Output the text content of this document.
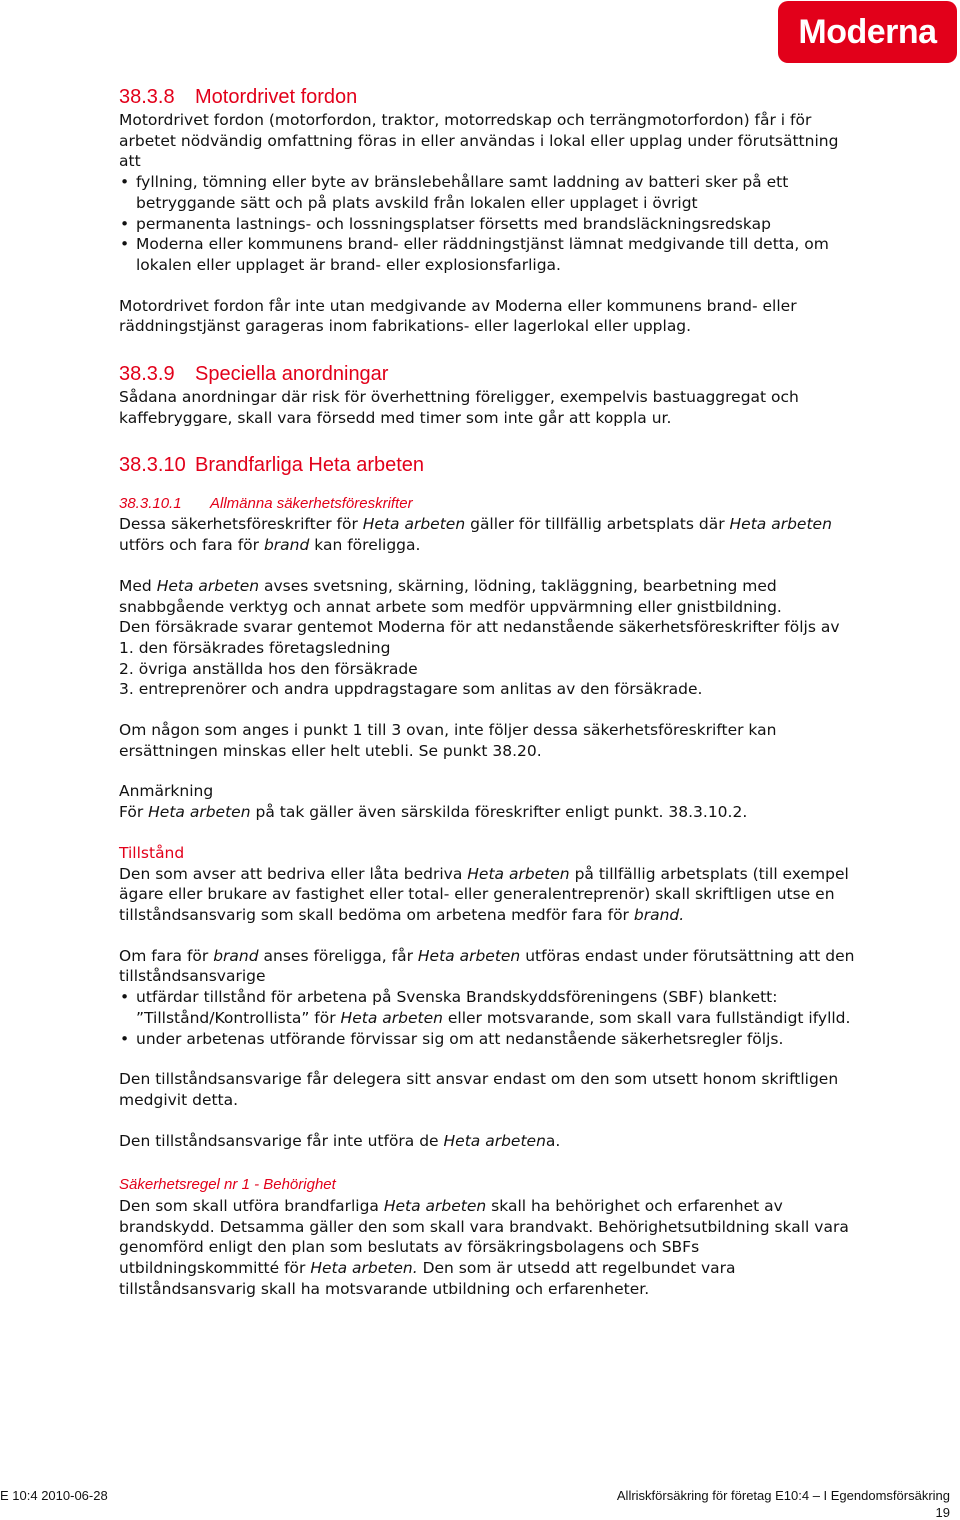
Moderna
38.3.8 Motordrivet fordon

Motordrivet fordon (motorfordon, traktor, motorredskap och terrängmotorfordon) får i för arbetet nödvändig omfattning föras in eller användas i lokal eller upplag under förutsättning att

• fyllning, tömning eller byte av bränslebehållare samt laddning av batteri sker på ett betryggande sätt och på plats avskild från lokalen eller upplaget i övrigt
• permanenta lastnings- och lossningsplatser försetts med brandsläckningsredskap
• Moderna eller kommunens brand- eller räddningstjänst lämnat medgivande till detta, om lokalen eller upplaget är brand- eller explosionsfarliga.

Motordrivet fordon får inte utan medgivande av Moderna eller kommunens brand- eller räddningstjänst garageras inom fabrikations- eller lagerlokal eller upplag.

38.3.9 Speciella anordningar

Sådana anordningar där risk för överhettning föreligger, exempelvis bastuaggregat och kaffebryggare, skall vara försedd med timer som inte går att koppla ur.

38.3.10 Brandfarliga Heta arbeten
38.3.10.1 Allmänna säkerhetsföreskrifter

Dessa säkerhetsföreskrifter för Heta arbeten gäller för tillfällig arbetsplats där Heta arbeten utförs och fara för brand kan föreligga.

Med Heta arbeten avses svetsning, skärning, lödning, takläggning, bearbetning med snabbgående verktyg och annat arbete som medför uppvärmning eller gnistbildning.

Den försäkrade svarar gentemot Moderna för att nedanstående säkerhetsföreskrifter följs av

1. den försäkrades företagsledning

2. övriga anställda hos den försäkrade

3. entreprenörer och andra uppdragstagare som anlitas av den försäkrade.

Om någon som anges i punkt 1 till 3 ovan, inte följer dessa säkerhetsföreskrifter kan ersättningen minskas eller helt utebli. Se punkt 38.20.

Anmärkning

För Heta arbeten på tak gäller även särskilda föreskrifter enligt punkt. 38.3.10.2.

Tillstånd

Den som avser att bedriva eller låta bedriva Heta arbeten på tillfällig arbetsplats (till exempel ägare eller brukare av fastighet eller total- eller generalentreprenör) skall skriftligen utse en tillståndsansvarig som skall bedöma om arbetena medför fara för brand.

Om fara för brand anses föreligga, får Heta arbeten utföras endast under förutsättning att den tillståndsansvarige

• utfärdar tillstånd för arbetena på Svenska Brandskyddsföreningens (SBF) blankett: ”Tillstånd/Kontrollista” för Heta arbeten eller motsvarande, som skall vara fullständigt ifylld.
• under arbetenas utförande förvissar sig om att nedanstående säkerhetsregler följs.

Den tillståndsansvarige får delegera sitt ansvar endast om den som utsett honom skriftligen medgivit detta.

Den tillståndsansvarige får inte utföra de Heta arbetena.

Säkerhetsregel nr 1 - Behörighet

Den som skall utföra brandfarliga Heta arbeten skall ha behörighet och erfarenhet av brandskydd. Detsamma gäller den som skall vara brandvakt. Behörighetsutbildning skall vara genomförd enligt den plan som beslutats av försäkringsbolagens och SBFs utbildningskommitté för Heta arbeten. Den som är utsedd att regelbundet vara tillståndsansvarig skall ha motsvarande utbildning och erfarenheter.

E 10:4 2010-06-28	Allriskförsäkring för företag E10:4 – I Egendomsförsäkring
19
